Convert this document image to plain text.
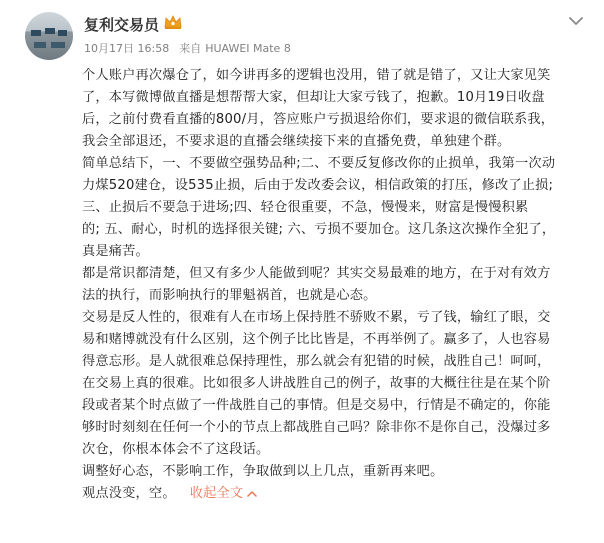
复利交易员
10月17日 16:58 来自 HUAWEI Mate 8

个人账户再次爆仓了，如今讲再多的逻辑也没用，错了就是错了，又让大家见笑

了，本写微博做直播是想帮帮大家，但却让大家亏钱了，抱歉。10月19日收盘

后，之前付费看直播的800/月，答应账户亏损退给你们，要求退的微信联系我，

我会全部退还，不要求退的直播会继续接下来的直播免费，单独建个群。

简单总结下，一、不要做空强势品种;二、不要反复修改你的止损单，我第一次动

力煤520建仓，设535止损，后由于发改委会议，相信政策的打压，修改了止损;

三、止损后不要急于进场;四、轻仓很重要，不急，慢慢来，财富是慢慢积累

的; 五、耐心，时机的选择很关键; 六、亏损不要加仓。这几条这次操作全犯了，

真是痛苦。

都是常识都清楚，但又有多少人能做到呢？其实交易最难的地方，在于对有效方

法的执行，而影响执行的罪魁祸首，也就是心态。

交易是反人性的，很难有人在市场上保持胜不骄败不累，亏了钱，输红了眼，交

易和赌博就没有什么区别，这个例子比比皆是，不再举例了。赢多了，人也容易

得意忘形。是人就很难总保持理性，那么就会有犯错的时候，战胜自己！呵呵，

在交易上真的很难。比如很多人讲战胜自己的例子，故事的大概往往是在某个阶

段或者某个时点做了一件战胜自己的事情。但是交易中，行情是不确定的，你能

够时时刻刻在任何一个小的节点上都战胜自己吗？除非你不是你自己，没爆过多

次仓，你根本体会不了这段话。

调整好心态，不影响工作，争取做到以上几点，重新再来吧。

观点没变，空。 收起全文
